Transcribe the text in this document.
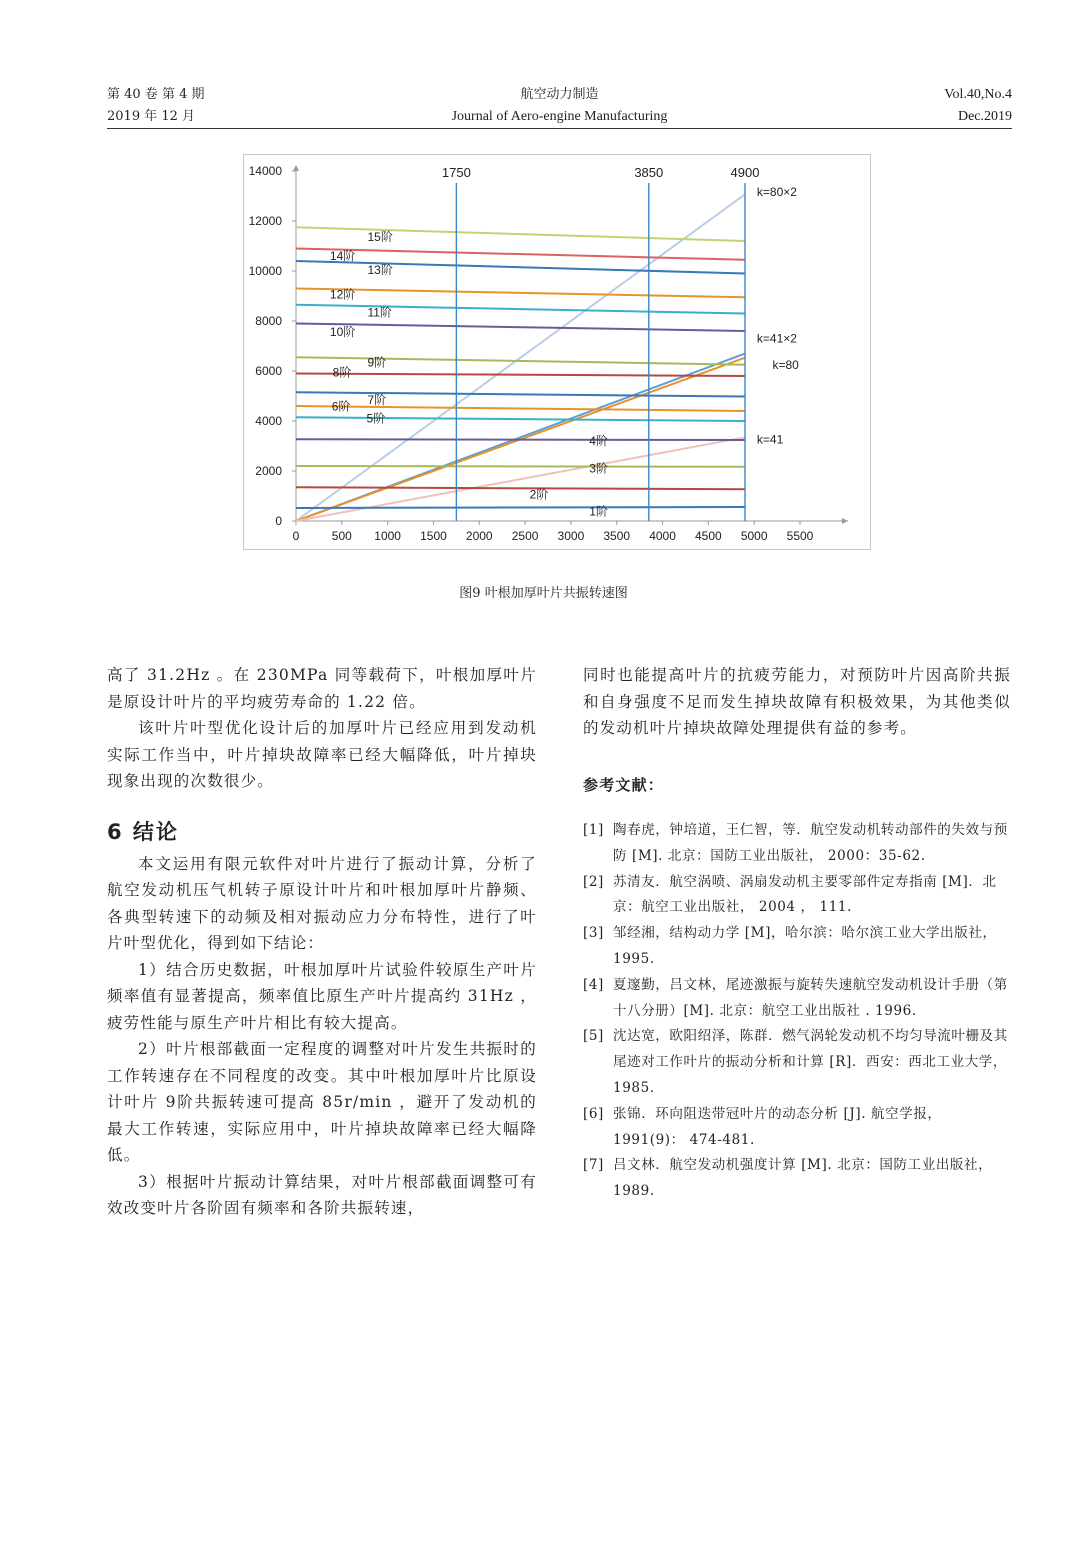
第 40 卷 第 4 期
2019 年 12 月
航空动力制造
Journal of Aero-engine Manufacturing
Vol.40,No.4
Dec.2019
0	500 1000 1500 2000 2500 3000 3500 4000 4500 5000 5500
0
2000
4000
6000
8000
10000
12000
14000
1阶
2阶
3阶
4阶
5阶
6阶 7阶
8阶
9阶
10阶
11阶
12阶
13阶
14阶
15阶
1750	3850	4900
k=80×2
k=41×2
k=80
k=41
图9 叶根加厚叶片共振转速图

高了 31.2Hz 。在 230MPa 同等载荷下，叶根加厚叶片是原设计叶片的平均疲劳寿命的 1.22 倍。

该叶片叶型优化设计后的加厚叶片已经应用到发动机实际工作当中，叶片掉块故障率已经大幅降低，叶片掉块现象出现的次数很少。

6 结论

本文运用有限元软件对叶片进行了振动计算，分析了航空发动机压气机转子原设计叶片和叶根加厚叶片静频、各典型转速下的动频及相对振动应力分布特性，进行了叶片叶型优化，得到如下结论：

1）结合历史数据，叶根加厚叶片试验件较原生产叶片频率值有显著提高，频率值比原生产叶片提高约 31Hz ，疲劳性能与原生产叶片相比有较大提高。

2）叶片根部截面一定程度的调整对叶片发生共振时的工作转速存在不同程度的改变。其中叶根加厚叶片比原设计叶片 9阶共振转速可提高 85r/min ，避开了发动机的最大工作转速，实际应用中，叶片掉块故障率已经大幅降低。

3）根据叶片振动计算结果，对叶片根部截面调整可有效改变叶片各阶固有频率和各阶共振转速，

同时也能提高叶片的抗疲劳能力，对预防叶片因高阶共振和自身强度不足而发生掉块故障有积极效果，为其他类似的发动机叶片掉块故障处理提供有益的参考。

参考文献：
[1] 陶春虎，钟培道，王仁智，等．航空发动机转动部件的失效与预防 [M]. 北京：国防工业出版社， 2000：35-62.
[2] 苏清友．航空涡喷、涡扇发动机主要零部件定寿指南 [M]．北京：航空工业出版社， 2004 ， 111.
[3] 邹经湘，结构动力学 [M]，哈尔滨：哈尔滨工业大学出版社， 1995.
[4] 夏邃勤，吕文林，尾迹激振与旋转失速航空发动机设计手册（第十八分册）[M]. 北京：航空工业出版社 . 1996.
[5] 沈达宽，欧阳绍泽，陈群．燃气涡轮发动机不均匀导流叶栅及其尾迹对工作叶片的振动分析和计算 [R]．西安：西北工业大学， 1985.
[6] 张锦．环向阻迭带冠叶片的动态分析 [J]. 航空学报， 1991(9)： 474-481.
[7] 吕文林．航空发动机强度计算 [M]. 北京：国防工业出版社， 1989.
